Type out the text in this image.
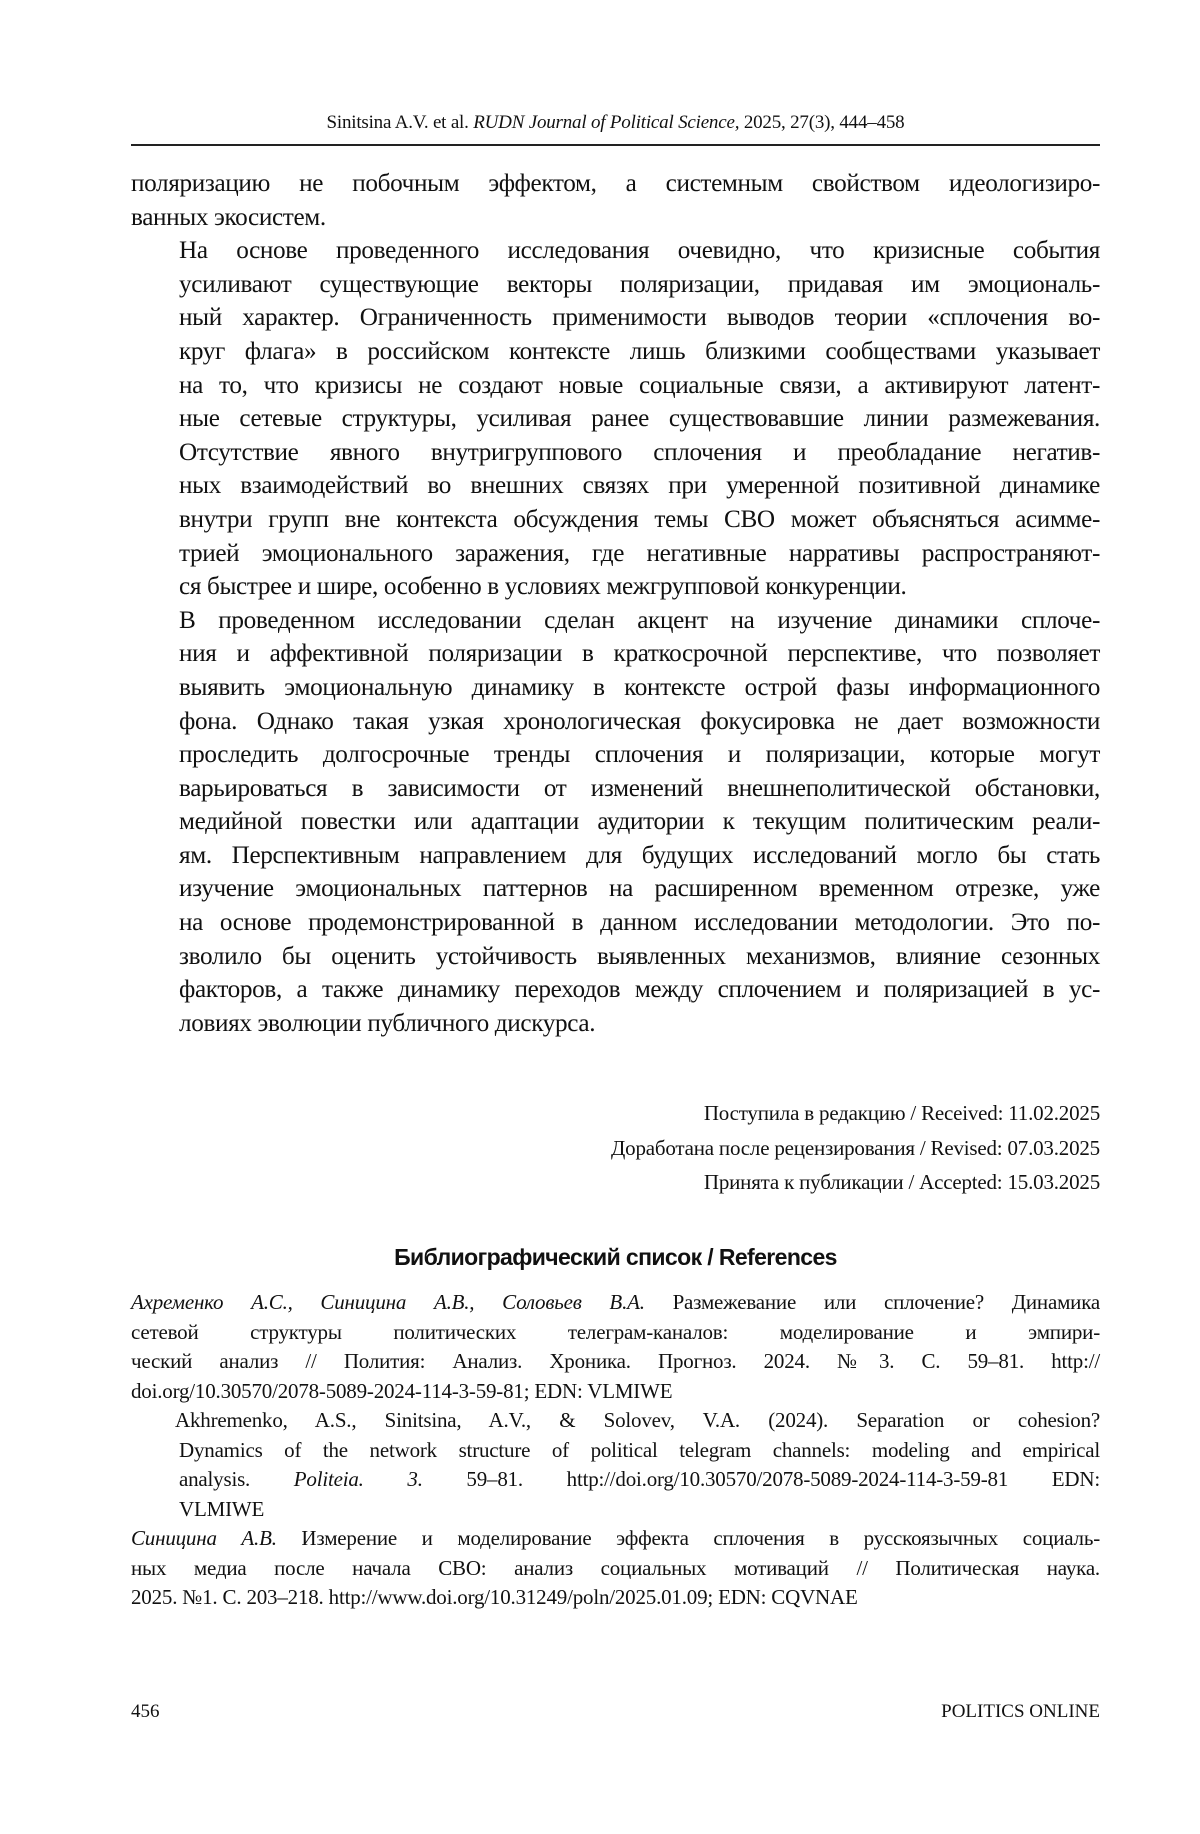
Sinitsina A.V. et al. RUDN Journal of Political Science, 2025, 27(3), 444–458

поляризацию не побочным эффектом, а системным свойством идеологизиро-
ванных экосистем.

На основе проведенного исследования очевидно, что кризисные события
усиливают существующие векторы поляризации, придавая им эмоциональ-
ный характер. Ограниченность применимости выводов теории «сплочения во-
круг флага» в российском контексте лишь близкими сообществами указывает
на то, что кризисы не создают новые социальные связи, а активируют латент-
ные сетевые структуры, усиливая ранее существовавшие линии размежевания.

Отсутствие явного внутригруппового сплочения и преобладание негатив-
ных взаимодействий во внешних связях при умеренной позитивной динамике
внутри групп вне контекста обсуждения темы СВО может объясняться асимме-
трией эмоционального заражения, где негативные нарративы распространяют-
ся быстрее и шире, особенно в условиях межгрупповой конкуренции.

В проведенном исследовании сделан акцент на изучение динамики сплоче-
ния и аффективной поляризации в краткосрочной перспективе, что позволяет
выявить эмоциональную динамику в контексте острой фазы информационного
фона. Однако такая узкая хронологическая фокусировка не дает возможности
проследить долгосрочные тренды сплочения и поляризации, которые могут
варьироваться в зависимости от изменений внешнеполитической обстановки,
медийной повестки или адаптации аудитории к текущим политическим реали-
ям. Перспективным направлением для будущих исследований могло бы стать
изучение эмоциональных паттернов на расширенном временном отрезке, уже
на основе продемонстрированной в данном исследовании методологии. Это по-
зволило бы оценить устойчивость выявленных механизмов, влияние сезонных
факторов, а также динамику переходов между сплочением и поляризацией в ус-
ловиях эволюции публичного дискурса.

Поступила в редакцию / Received: 11.02.2025
Доработана после рецензирования / Revised: 07.03.2025
Принята к публикации / Accepted: 15.03.2025
Библиографический список / References
Ахременко А.С., Синицина А.В., Соловьев В.А. Размежевание или сплочение? Динамика
сетевой структуры политических телеграм-каналов: моделирование и эмпири-
ческий анализ // Полития: Анализ. Хроника. Прогноз. 2024. №3. С. 59–81. http://
doi.org/10.30570/2078-5089-2024-114-3-59-81; EDN: VLMIWE
Akhremenko, A.S., Sinitsina, A.V., & Solovev, V.A. (2024). Separation or cohesion?
Dynamics of the network structure of political telegram channels: modeling and empirical
analysis. Politeia. 3. 59–81. http://doi.org/10.30570/2078-5089-2024-114-3-59-81 EDN:
VLMIWE
Синицина А.В. Измерение и моделирование эффекта сплочения в русскоязычных социаль-
ных медиа после начала СВО: анализ социальных мотиваций // Политическая наука.
2025. №1. С. 203–218. http://www.doi.org/10.31249/poln/2025.01.09; EDN: CQVNAE
456	POLITICS ONLINE
